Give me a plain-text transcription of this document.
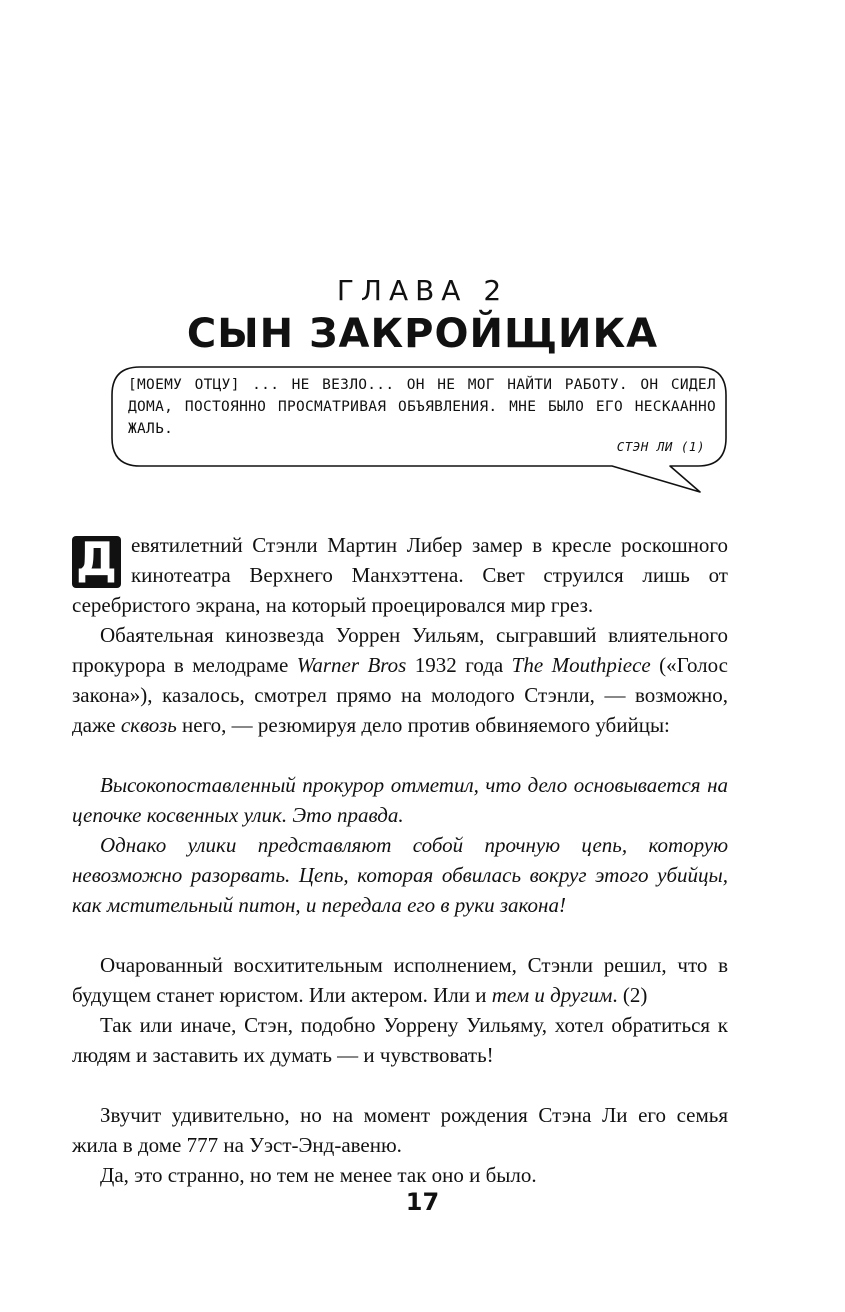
ГЛАВА 2
СЫН ЗАКРОЙЩИКА
[МОЕМУ ОТЦУ] ... НЕ ВЕЗЛО... ОН НЕ МОГ НАЙТИ РАБОТУ. ОН СИДЕЛ ДОМА, ПОСТОЯННО ПРОСМАТРИВАЯ ОБЪЯВЛЕНИЯ. МНЕ БЫЛО ЕГО НЕСКААННО ЖАЛЬ.
СТЭН ЛИ (1)

Д евятилетний Стэнли Мартин Либер замер в кресле роскошного кинотеатра Верхнего Манхэттена. Свет струился лишь от серебристого экрана, на который проецировался мир грез.

Обаятельная кинозвезда Уоррен Уильям, сыгравший влиятельного прокурора в мелодраме Warner Bros 1932 года The Mouthpiece («Голос закона»), казалось, смотрел прямо на молодого Стэнли, — возможно, даже сквозь него, — резюмируя дело против обвиняемого убийцы:

Высокопоставленный прокурор отметил, что дело основывается на цепочке косвенных улик. Это правда.

Однако улики представляют собой прочную цепь, которую невозможно разорвать. Цепь, которая обвилась вокруг этого убийцы, как мстительный питон, и передала его в руки закона!

Очарованный восхитительным исполнением, Стэнли решил, что в будущем станет юристом. Или актером. Или и тем и другим. (2)

Так или иначе, Стэн, подобно Уоррену Уильяму, хотел обратиться к людям и заставить их думать — и чувствовать!

Звучит удивительно, но на момент рождения Стэна Ли его семья жила в доме 777 на Уэст-Энд-авеню.

Да, это странно, но тем не менее так оно и было.

17
